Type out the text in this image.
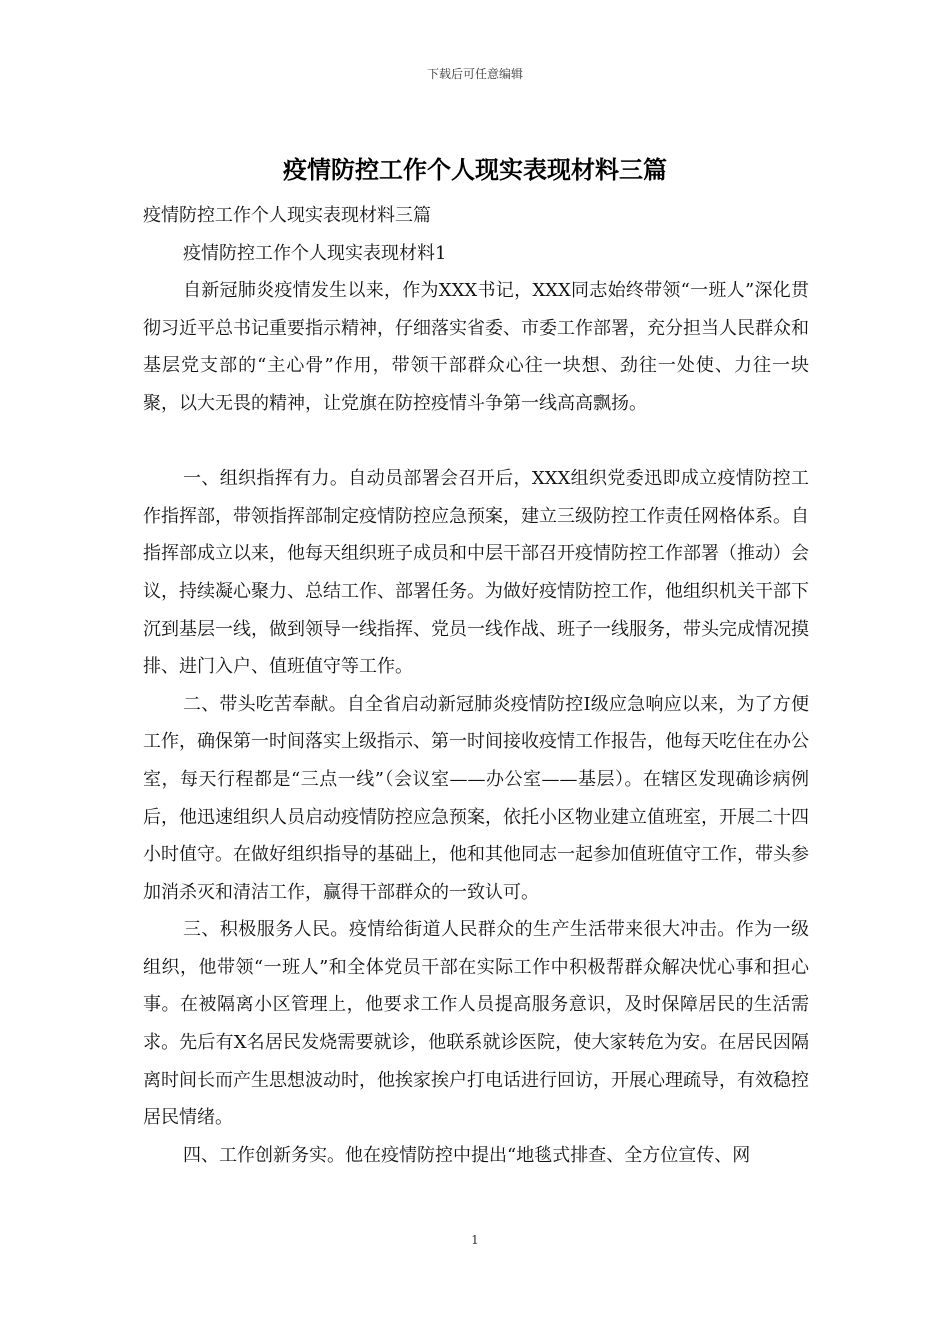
下载后可任意编辑
疫情防控工作个人现实表现材料三篇

疫情防控工作个人现实表现材料三篇

疫情防控工作个人现实表现材料1

自新冠肺炎疫情发生以来，作为XXX书记，XXX同志始终带领“一班人”深化贯彻习近平总书记重要指示精神，仔细落实省委、市委工作部署，充分担当人民群众和基层党支部的“主心骨”作用，带领干部群众心往一块想、劲往一处使、力往一块聚，以大无畏的精神，让党旗在防控疫情斗争第一线高高飘扬。

一、组织指挥有力。自动员部署会召开后，XXX组织党委迅即成立疫情防控工作指挥部，带领指挥部制定疫情防控应急预案，建立三级防控工作责任网格体系。自指挥部成立以来，他每天组织班子成员和中层干部召开疫情防控工作部署（推动）会议，持续凝心聚力、总结工作、部署任务。为做好疫情防控工作，他组织机关干部下沉到基层一线，做到领导一线指挥、党员一线作战、班子一线服务，带头完成情况摸排、进门入户、值班值守等工作。

二、带头吃苦奉献。自全省启动新冠肺炎疫情防控Ⅰ级应急响应以来，为了方便工作，确保第一时间落实上级指示、第一时间接收疫情工作报告，他每天吃住在办公室，每天行程都是“三点一线”（会议室——办公室——基层）。在辖区发现确诊病例后，他迅速组织人员启动疫情防控应急预案，依托小区物业建立值班室，开展二十四小时值守。在做好组织指导的基础上，他和其他同志一起参加值班值守工作，带头参加消杀灭和清洁工作，赢得干部群众的一致认可。

三、积极服务人民。疫情给街道人民群众的生产生活带来很大冲击。作为一级组织，他带领“一班人”和全体党员干部在实际工作中积极帮群众解决忧心事和担心事。在被隔离小区管理上，他要求工作人员提高服务意识，及时保障居民的生活需求。先后有X名居民发烧需要就诊，他联系就诊医院，使大家转危为安。在居民因隔离时间长而产生思想波动时，他挨家挨户打电话进行回访，开展心理疏导，有效稳控居民情绪。

四、工作创新务实。他在疫情防控中提出“地毯式排查、全方位宣传、网

1
